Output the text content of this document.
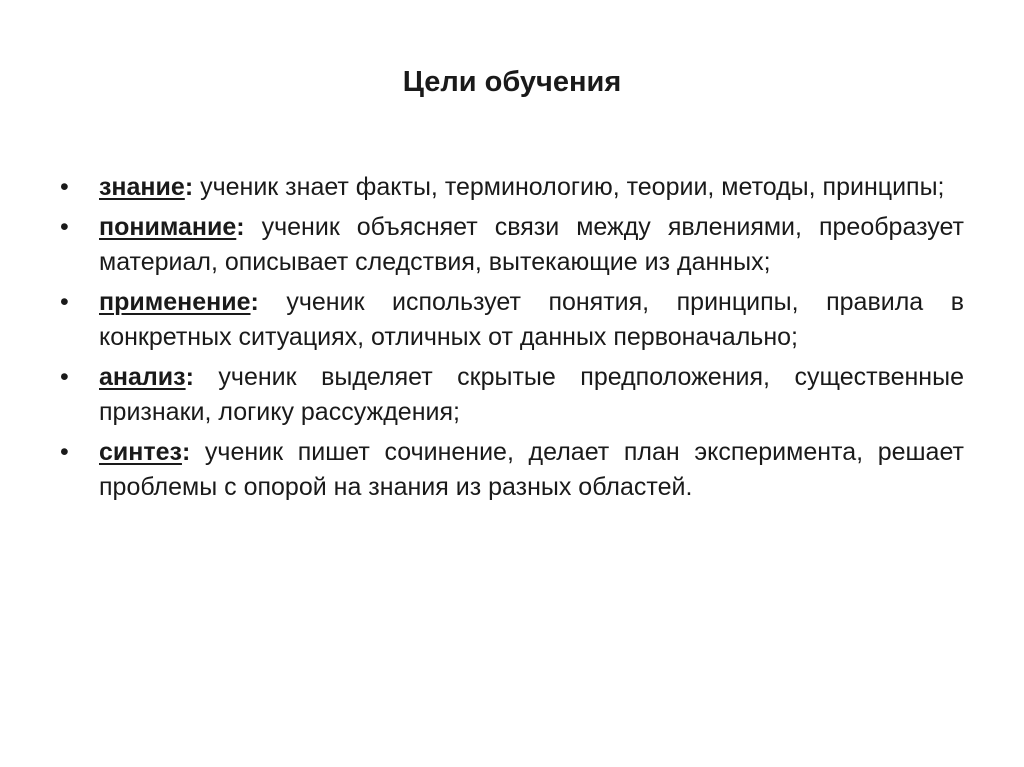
Цели обучения
•	знание: ученик знает факты, терминологию, теории, методы, принципы;
•	понимание: ученик объясняет связи между явлениями, преобразует материал, описывает следствия, вытекающие из данных;
•	применение: ученик использует понятия, принципы, правила в конкретных ситуациях, отличных от данных первоначально;
•	анализ: ученик выделяет скрытые предположения, существенные признаки, логику рассуждения;
•	синтез: ученик пишет сочинение, делает план эксперимента, решает проблемы с опорой на знания из разных областей.
